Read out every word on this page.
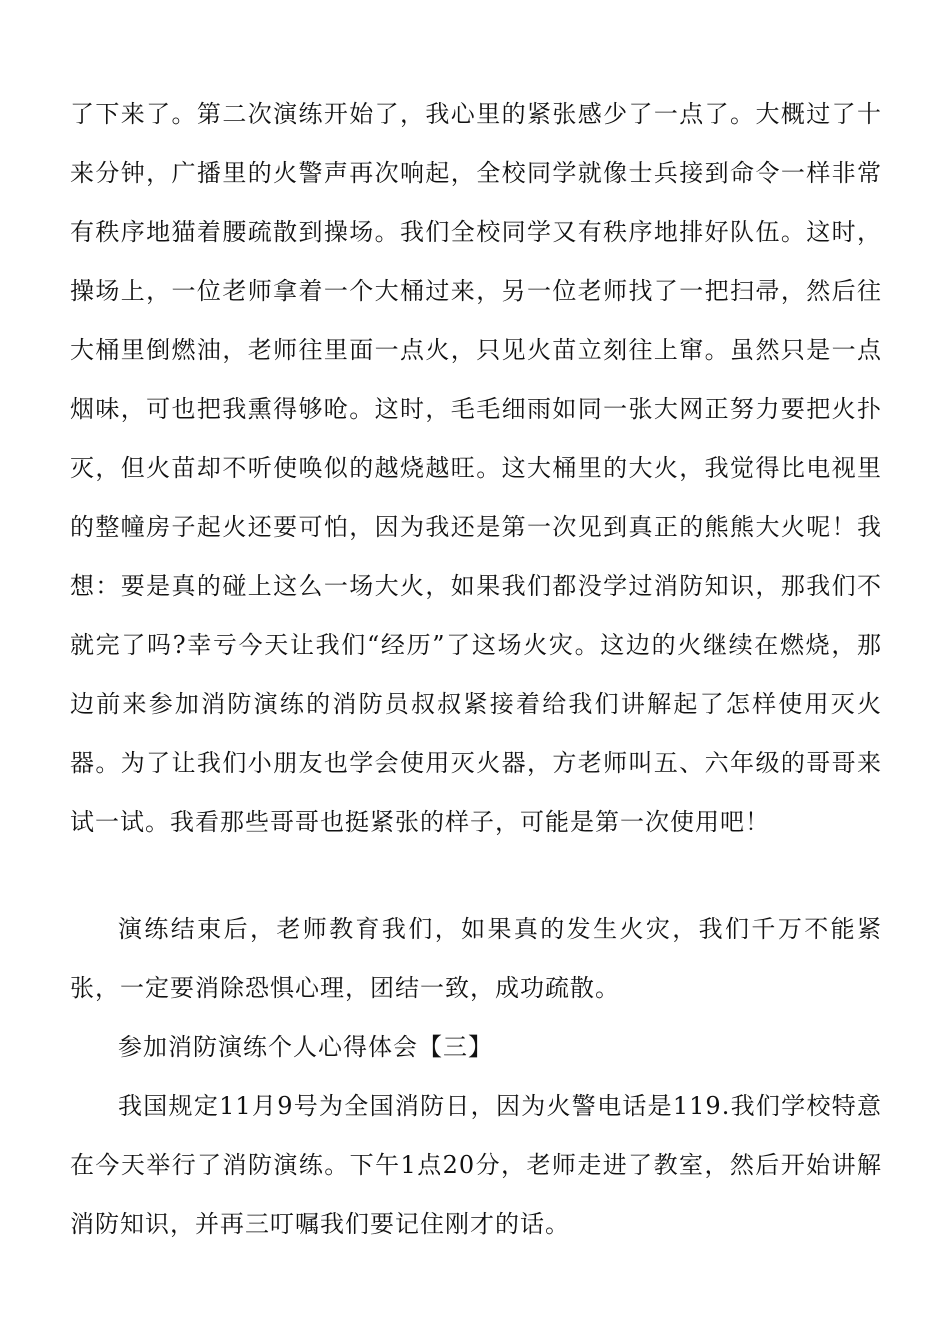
了下来了。第二次演练开始了，我心里的紧张感少了一点了。大概过了十来分钟，广播里的火警声再次响起，全校同学就像士兵接到命令一样非常有秩序地猫着腰疏散到操场。我们全校同学又有秩序地排好队伍。这时，操场上，一位老师拿着一个大桶过来，另一位老师找了一把扫帚，然后往大桶里倒燃油，老师往里面一点火，只见火苗立刻往上窜。虽然只是一点烟味，可也把我熏得够呛。这时，毛毛细雨如同一张大网正努力要把火扑灭，但火苗却不听使唤似的越烧越旺。这大桶里的大火，我觉得比电视里的整幢房子起火还要可怕，因为我还是第一次见到真正的熊熊大火呢！我想：要是真的碰上这么一场大火，如果我们都没学过消防知识，那我们不就完了吗?幸亏今天让我们“经历”了这场火灾。这边的火继续在燃烧，那边前来参加消防演练的消防员叔叔紧接着给我们讲解起了怎样使用灭火器。为了让我们小朋友也学会使用灭火器，方老师叫五、六年级的哥哥来试一试。我看那些哥哥也挺紧张的样子，可能是第一次使用吧！

演练结束后，老师教育我们，如果真的发生火灾，我们千万不能紧张，一定要消除恐惧心理，团结一致，成功疏散。

参加消防演练个人心得体会【三】

我国规定11月9号为全国消防日，因为火警电话是119.我们学校特意在今天举行了消防演练。下午1点20分，老师走进了教室，然后开始讲解消防知识，并再三叮嘱我们要记住刚才的话。
